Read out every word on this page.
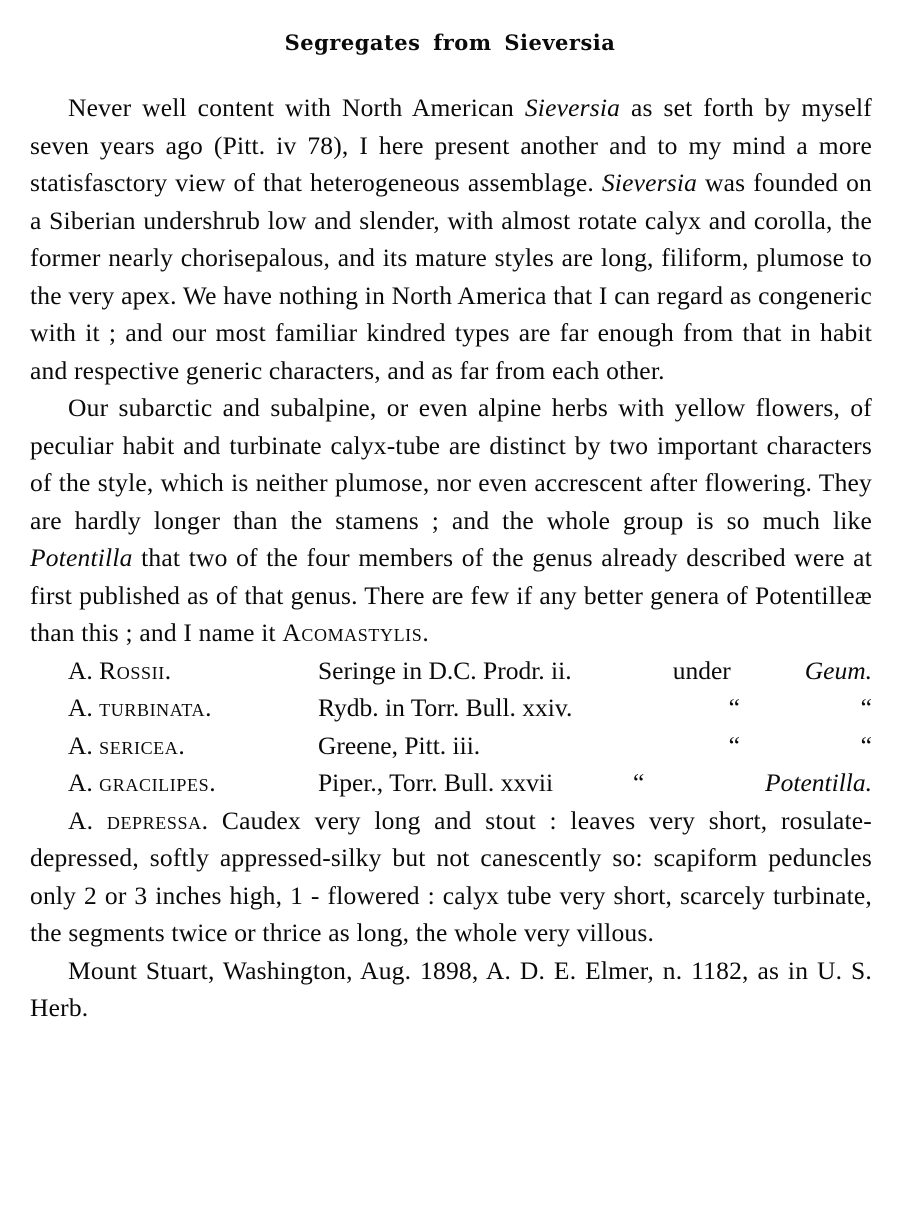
Segregates from Sieversia

Never well content with North American Sieversia as set forth by myself seven years ago (Pitt. iv 78), I here present another and to my mind a more statisfasctory view of that heterogeneous assemblage. Sieversia was founded on a Siberian undershrub low and slender, with almost rotate calyx and corolla, the former nearly chorisepalous, and its mature styles are long, filiform, plumose to the very apex. We have nothing in North America that I can regard as congeneric with it ; and our most familiar kindred types are far enough from that in habit and respective generic characters, and as far from each other.

Our subarctic and subalpine, or even alpine herbs with yellow flowers, of peculiar habit and turbinate calyx-tube are distinct by two important characters of the style, which is neither plumose, nor even accrescent after flowering. They are hardly longer than the stamens ; and the whole group is so much like Potentilla that two of the four members of the genus already described were at first published as of that genus. There are few if any better genera of Potentilleæ than this ; and I name it Acomastylis.

A. Rossii.	Seringe in D.C. Prodr. ii.	under	Geum.
A. turbinata.	Rydb. in Torr. Bull. xxiv.	“	“
A. sericea.	Greene, Pitt. iii.	“	“
A. gracilipes.	Piper., Torr. Bull. xxvii	“	Potentilla.

A. depressa. Caudex very long and stout : leaves very short, rosulate-depressed, softly appressed-silky but not canescently so: scapiform peduncles only 2 or 3 inches high, 1 - flowered : calyx tube very short, scarcely turbinate, the segments twice or thrice as long, the whole very villous.

Mount Stuart, Washington, Aug. 1898, A. D. E. Elmer, n. 1182, as in U. S. Herb.
